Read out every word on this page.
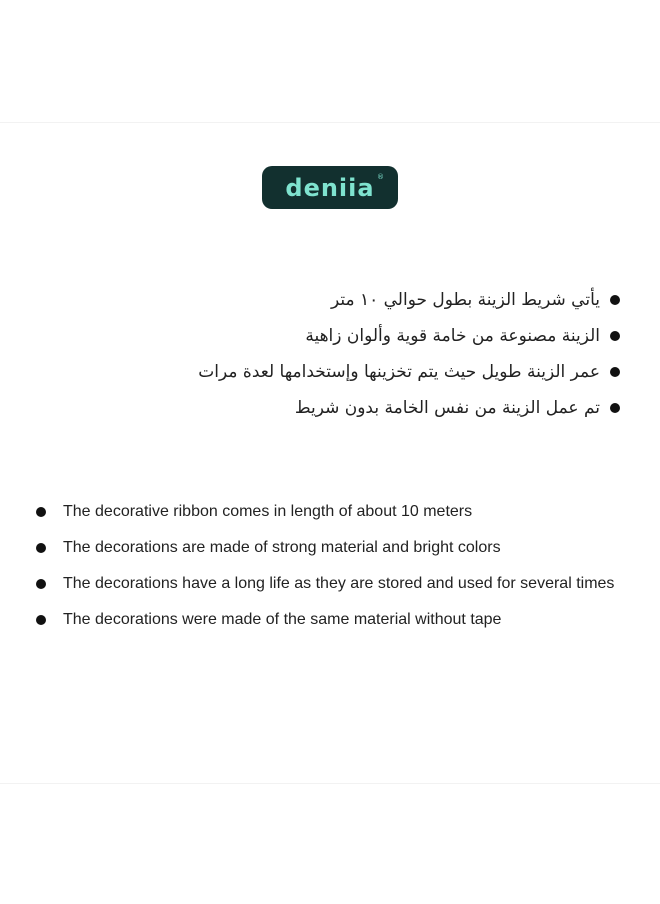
deniia ®
يأتي شريط الزينة بطول حوالي ١٠ متر
الزينة مصنوعة من خامة قوية وألوان زاهية
عمر الزينة طويل حيث يتم تخزينها وإستخدامها لعدة مرات
تم عمل الزينة من نفس الخامة بدون شريط
The decorative ribbon comes in length of about 10 meters
The decorations are made of strong material and bright colors
The decorations have a long life as they are stored and used for several times
The decorations were made of the same material without tape
